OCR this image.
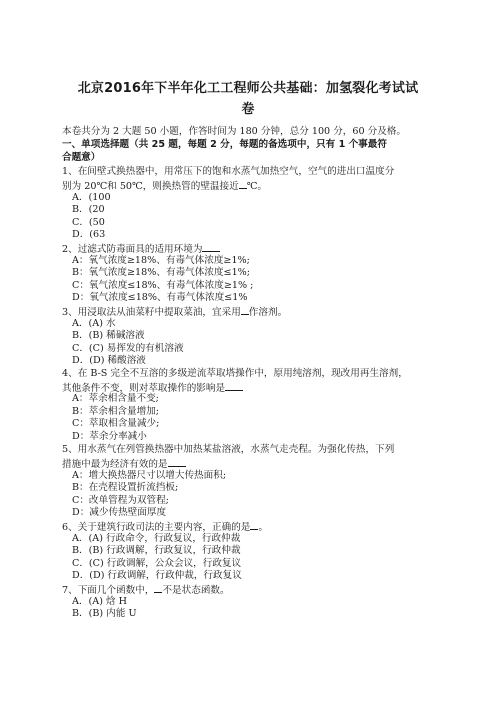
北京2016年下半年化工工程师公共基础：加氢裂化考试试
卷
本卷共分为 2 大题 50 小题，作答时间为 180 分钟，总分 100 分，60 分及格。
一、单项选择题（共 25 题，每题 2 分，每题的备选项中，只有 1 个事最符
合题意）
1、在间壁式换热器中，用常压下的饱和水蒸气加热空气，空气的进出口温度分
别为 20℃和 50℃，则换热管的壁温接近 ℃。
A．(100
B．(20
C．(50
D．(63
2、过滤式防毒面具的适用环境为
A：氧气浓度≥18%、有毒气体浓度≥1%;
B：氧气浓度≥18%、有毒气体浓度≤1%;
C：氧气浓度≤18%、有毒气体浓度≥1% ;
D：氧气浓度≤18%、有毒气体浓度≤1%
3、用浸取法从油菜籽中提取菜油，宜采用 作溶剂。
A．(A) 水
B．(B) 稀碱溶液
C．(C) 易挥发的有机溶液
D．(D) 稀酸溶液
4、在 B-S 完全不互溶的多级逆流萃取塔操作中，原用纯溶剂，现改用再生溶剂，
其他条件不变，则对萃取操作的影响是
A：萃余相含量不变;
B：萃余相含量增加;
C：萃取相含量减少;
D：萃余分率减小
5、用水蒸气在列管换热器中加热某盐溶液，水蒸气走壳程。为强化传热，下列
措施中最为经济有效的是
A：增大换热器尺寸以增大传热面积;
B：在壳程设置折流挡板;
C：改单管程为双管程;
D：减少传热壁面厚度
6、关于建筑行政司法的主要内容，正确的是 。
A．(A) 行政命令，行政复议，行政仲裁
B．(B) 行政调解，行政复议，行政仲裁
C．(C) 行政调解，公众会议，行政复议
D．(D) 行政调解，行政仲裁，行政复议
7、下面几个函数中， 不是状态函数。
A．(A) 焓 H
B．(B) 内能 U
